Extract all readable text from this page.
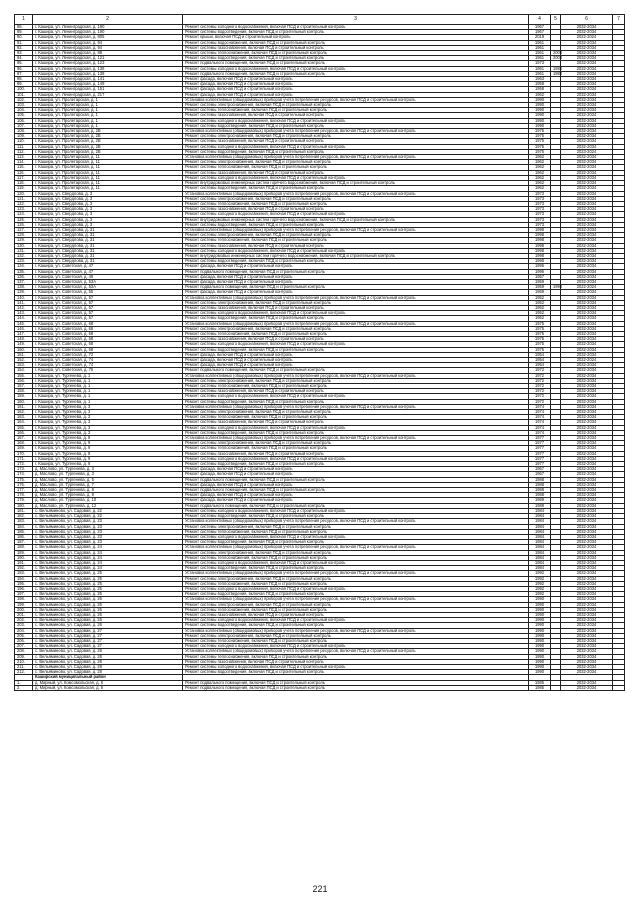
1	2	3	4	5	6	7
88.	г. Кашира, ул. Ленинградская, д. 190	Ремонт системы холодного водоснабжения, включая ПСД и строительный контроль	1967		2032-2034	
89.	г. Кашира, ул. Ленинградская, д. 190	Ремонт системы водоотведения, включая ПСД и строительный контроль	1967		2032-2034	
90.	г. Кашира, ул. Ленинградская, д. 805	Ремонт крыши, включая ПСД и строительный контроль	2019		2022-2024	
91.	г. Кашира, ул. Ленинградская, д. 94	Ремонт системы водоснабжения, включая ПСД и строительный контроль	1961		2032-2034	
92.	г. Кашира, ул. Ленинградская, д. 94	Ремонт системы газоснабжения, включая ПСД и строительный контроль	1961		2032-2034	
93.	г. Кашира, ул. Ленинградская, д. 98	Ремонт системы теплоснабжения, включая ПСД и строительный контроль	1961	2008	2032-2034	
94.	г. Кашира, ул. Ленинградская, д. 121	Ремонт системы водоотведения, включая ПСД и строительный контроль	1961	2008	2032-2034	
95.	г. Кашира, ул. Ленинградская, д. 123	Ремонт подвального помещения, включая ПСД и строительный контроль	1973		2032-2034	
96.	г. Кашира, ул. Ленинградская, д. 138	Ремонт системы холодного водоснабжения, включая ПСД и строительный контроль	1961	1980	2032-2034	
97.	г. Кашира, ул. Ленинградская, д. 138	Ремонт подвального помещения, включая ПСД и строительный контроль	1961	1980	2032-2034	
98.	г. Кашира, ул. Ленинградская, д. 141	Ремонт фасада, включая ПСД и строительный контроль	1963		2032-2034	
99.	г. Кашира, ул. Ленинградская, д. 149	Ремонт фасада, включая ПСД и строительный контроль	1958		2032-2034	
100.	г. Кашира, ул. Ленинградская, д. 151	Ремонт фасада, включая ПСД и строительный контроль	1958		2032-2034	
101.	г. Кашира, ул. Ленинградская, д. 217	Ремонт фасада, включая ПСД и строительный контроль	1962		2032-2034	
102.	г. Кашира, ул. Пролетарская, д. 1	Установка коллективных (общедомовых) приборов учета потребления ресурсов, включая ПСД и строительный контроль	1990		2032-2034	
103.	г. Кашира, ул. Пролетарская, д. 1	Ремонт системы электроснабжения, включая ПСД и строительный контроль	1990		2032-2034	
104.	г. Кашира, ул. Пролетарская, д. 1	Ремонт системы теплоснабжения, включая ПСД и строительный контроль	1990		2032-2034	
105.	г. Кашира, ул. Пролетарская, д. 1	Ремонт системы газоснабжения, включая ПСД и строительный контроль	1990		2032-2034	
106.	г. Кашира, ул. Пролетарская, д. 1	Ремонт системы холодного водоснабжения, включая ПСД и строительный контроль	1990		2032-2034	
107.	г. Кашира, ул. Пролетарская, д. 1	Ремонт системы водоотведения, включая ПСД и строительный контроль	1990		2032-2034	
108.	г. Кашира, ул. Пролетарская, д. 2В	Установка коллективных (общедомовых) приборов учета потребления ресурсов, включая ПСД и строительный контроль	1975		2032-2034	
109.	г. Кашира, ул. Пролетарская, д. 2В	Ремонт системы электроснабжения, включая ПСД и строительный контроль	1975		2032-2034	
110.	г. Кашира, ул. Пролетарская, д. 2В	Ремонт системы газоснабжения, включая ПСД и строительный контроль	1975		2032-2034	
111.	г. Кашира, ул. Пролетарская, д. 2В	Ремонт системы холодного водоснабжения, включая ПСД и строительный контроль	1975		2032-2034	
112.	г. Кашира, ул. Пролетарская, д. 2В	Ремонт системы водоотведения, включая ПСД и строительный контроль	1975		2023-2024	
113.	г. Кашира, ул. Пролетарская, д. 11	Установка коллективных (общедомовых) приборов учета потребления ресурсов, включая ПСД и строительный контроль	1962		2032-2034	
114.	г. Кашира, ул. Пролетарская, д. 11	Ремонт системы электроснабжения, включая ПСД и строительный контроль	1962		2032-2034	
115.	г. Кашира, ул. Пролетарская, д. 11	Ремонт системы теплоснабжения, включая ПСД и строительный контроль	1962		2032-2034	
116.	г. Кашира, ул. Пролетарская, д. 11	Ремонт системы газоснабжения, включая ПСД и строительный контроль	1962		2032-2034	
117.	г. Кашира, ул. Пролетарская, д. 11	Ремонт системы холодного водоснабжения, включая ПСД и строительный контроль	1962		2032-2034	
118.	г. Кашира, ул. Пролетарская, д. 11	Ремонт внутридомовых инженерных систем горячего водоснабжения, включая ПСД и строительный контроль	1962		2032-2034	
119.	г. Кашира, ул. Пролетарская, д. 11	Ремонт системы водоотведения, включая ПСД и строительный контроль	1962		2032-2034	
120.	г. Кашира, ул. Свердлова, д. 3	Установка коллективных (общедомовых) приборов учета потребления ресурсов, включая ПСД и строительный контроль	1973		2032-2034	
121.	г. Кашира, ул. Свердлова, д. 3	Ремонт системы электроснабжения, включая ПСД и строительный контроль	1973		2032-2034	
122.	г. Кашира, ул. Свердлова, д. 3	Ремонт системы теплоснабжения, включая ПСД и строительный контроль	1973		2032-2034	
123.	г. Кашира, ул. Свердлова, д. 3	Ремонт системы газоснабжения, включая ПСД и строительный контроль	1973		2032-2034	
124.	г. Кашира, ул. Свердлова, д. 3	Ремонт системы холодного водоснабжения, включая ПСД и строительный контроль	1973		2032-2034	
125.	г. Кашира, ул. Свердлова, д. 3	Ремонт внутридомовых инженерных систем горячего водоснабжения, включая ПСД и строительный контроль	1973		2032-2034	
126.	г. Кашира, ул. Свердлова, д. 3	Ремонт системы водоотведения, включая ПСД и строительный контроль	1973		2032-2034	
127.	г. Кашира, ул. Свердлова, д. 31	Установка коллективных (общедомовых) приборов учета потребления ресурсов, включая ПСД и строительный контроль	1998		2032-2034	
128.	г. Кашира, ул. Свердлова, д. 31	Ремонт системы электроснабжения, включая ПСД и строительный контроль	1998		2032-2034	
129.	г. Кашира, ул. Свердлова, д. 31	Ремонт системы теплоснабжения, включая ПСД и строительный контроль	1998		2032-2034	
130.	г. Кашира, ул. Свердлова, д. 31	Ремонт системы газоснабжения, включая ПСД и строительный контроль	1998		2032-2034	
131.	г. Кашира, ул. Свердлова, д. 31	Ремонт системы холодного водоснабжения, включая ПСД и строительный контроль	1998		2032-2034	
132.	г. Кашира, ул. Свердлова, д. 31	Ремонт внутридомовых инженерных систем горячего водоснабжения, включая ПСД и строительный контроль	1998		2032-2034	
133.	г. Кашира, ул. Свердлова, д. 31	Ремонт системы водоотведения, включая ПСД и строительный контроль	1998		2032-2034	
134.	г. Кашира, ул. Советская, д. 47	Ремонт фасада, включая ПСД и строительный контроль	1996		2032-2034	
135.	г. Кашира, ул. Советская, д. 47	Ремонт подвального помещения, включая ПСД и строительный контроль	1996		2032-2034	
136.	г. Кашира, ул. Советская, д. 49	Ремонт фасада, включая ПСД и строительный контроль	1957		2032-2034	
137.	г. Кашира, ул. Советская, д. 53А	Ремонт фасада, включая ПСД и строительный контроль	1959		2032-2034	
138.	г. Кашира, ул. Советская, д. 53А	Ремонт подвального помещения, включая ПСД и строительный контроль	1959	1990	2022-2024	
139.	г. Кашира, ул. Советская, д. 55	Ремонт фасада, включая ПСД и строительный контроль	1969		2032-2034	
140.	г. Кашира, ул. Советская, д. 57	Установка коллективных (общедомовых) приборов учета потребления ресурсов, включая ПСД и строительный контроль	1952		2032-2034	
141.	г. Кашира, ул. Советская, д. 57	Ремонт системы электроснабжения, включая ПСД и строительный контроль	1952		2032-2034	
142.	г. Кашира, ул. Советская, д. 57	Ремонт системы газоснабжения, включая ПСД и строительный контроль	1952		2032-2034	
143.	г. Кашира, ул. Советская, д. 57	Ремонт системы холодного водоснабжения, включая ПСД и строительный контроль	1952		2032-2034	
144.	г. Кашира, ул. Советская, д. 57	Ремонт системы водоотведения, включая ПСД и строительный контроль	1952		2032-2034	
145.	г. Кашира, ул. Советская, д. 68	Установка коллективных (общедомовых) приборов учета потребления ресурсов, включая ПСД и строительный контроль	1975		2032-2034	
146.	г. Кашира, ул. Советская, д. 68	Ремонт системы электроснабжения, включая ПСД и строительный контроль	1975		2032-2034	
147.	г. Кашира, ул. Советская, д. 68	Ремонт системы теплоснабжения, включая ПСД и строительный контроль	1975		2032-2034	
148.	г. Кашира, ул. Советская, д. 68	Ремонт системы газоснабжения, включая ПСД и строительный контроль	1975		2032-2034	
149.	г. Кашира, ул. Советская, д. 68	Ремонт системы холодного водоснабжения, включая ПСД и строительный контроль	1975		2032-2034	
150.	г. Кашира, ул. Советская, д. 68	Ремонт системы водоотведения, включая ПСД и строительный контроль	1975		2032-2034	
151.	г. Кашира, ул. Советская, д. 72	Ремонт фасада, включая ПСД и строительный контроль	1954		2032-2034	
152.	г. Кашира, ул. Советская, д. 74	Ремонт фасада, включая ПСД и строительный контроль	1954		2022-2024	
153.	г. Кашира, ул. Советская, д. 74	Ремонт фасада, включая ПСД и строительный контроль	1954		2032-2034	
154.	г. Кашира, ул. Советская, д. 76	Ремонт подвального помещения, включая ПСД и строительный контроль	1972		2032-2034	
155.	г. Кашира, ул. Тургенева, д. 1	Установка коллективных (общедомовых) приборов учета потребления ресурсов, включая ПСД и строительный контроль	1972		2032-2034	
156.	г. Кашира, ул. Тургенева, д. 1	Ремонт системы электроснабжения, включая ПСД и строительный контроль	1972		2032-2034	
157.	г. Кашира, ул. Тургенева, д. 1	Ремонт системы теплоснабжения, включая ПСД и строительный контроль	1972		2032-2034	
158.	г. Кашира, ул. Тургенева, д. 1	Ремонт системы газоснабжения, включая ПСД и строительный контроль	1972		2032-2034	
159.	г. Кашира, ул. Тургенева, д. 1	Ремонт системы холодного водоснабжения, включая ПСД и строительный контроль	1972		2032-2034	
160.	г. Кашира, ул. Тургенева, д. 1	Ремонт системы водоотведения, включая ПСД и строительный контроль	1972		2032-2034	
161.	г. Кашира, ул. Тургенева, д. 3	Установка коллективных (общедомовых) приборов учета потребления ресурсов, включая ПСД и строительный контроль	1974		2032-2034	
162.	г. Кашира, ул. Тургенева, д. 3	Ремонт системы электроснабжения, включая ПСД и строительный контроль	1974		2032-2034	
163.	г. Кашира, ул. Тургенева, д. 3	Ремонт системы теплоснабжения, включая ПСД и строительный контроль	1974		2032-2034	
164.	г. Кашира, ул. Тургенева, д. 3	Ремонт системы газоснабжения, включая ПСД и строительный контроль	1974		2032-2034	
165.	г. Кашира, ул. Тургенева, д. 3	Ремонт системы холодного водоснабжения, включая ПСД и строительный контроль	1974		2032-2034	
166.	г. Кашира, ул. Тургенева, д. 3	Ремонт системы водоотведения, включая ПСД и строительный контроль	1974		2032-2034	
167.	г. Кашира, ул. Тургенева, д. 9	Установка коллективных (общедомовых) приборов учета потребления ресурсов, включая ПСД и строительный контроль	1977		2032-2034	
168.	г. Кашира, ул. Тургенева, д. 9	Ремонт системы электроснабжения, включая ПСД и строительный контроль	1977		2032-2034	
169.	г. Кашира, ул. Тургенева, д. 9	Ремонт системы теплоснабжения, включая ПСД и строительный контроль	1977		2032-2034	
170.	г. Кашира, ул. Тургенева, д. 9	Ремонт системы газоснабжения, включая ПСД и строительный контроль	1977		2032-2034	
171.	г. Кашира, ул. Тургенева, д. 9	Ремонт системы холодного водоснабжения, включая ПСД и строительный контроль	1977		2032-2034	
172.	г. Кашира, ул. Тургенева, д. 9	Ремонт системы водоотведения, включая ПСД и строительный контроль	1977		2032-2034	
173.	д. Маслово, ул. Тургенева, д. 3	Ремонт фасада, включая ПСД и строительный контроль	1967		2032-2034	
174.	д. Маслово, ул. Тургенева, д. 3	Ремонт фасада, включая ПСД и строительный контроль	1967		2032-2034	
175.	д. Маслово, ул. Тургенева, д. 5	Ремонт подвального помещения, включая ПСД и строительный контроль	1988		2032-2034	
176.	д. Маслово, ул. Тургенева, д. 7	Ремонт фасада, включая ПСД и строительный контроль	1988		2032-2034	
177.	д. Маслово, ул. Тургенева, д. 8	Ремонт подвального помещения, включая ПСД и строительный контроль	1988		2032-2034	
178.	д. Маслово, ул. Тургенева, д. 9	Ремонт фасада, включая ПСД и строительный контроль	1988		2032-2034	
179.	д. Маслово, ул. Тургенева, д. 10	Ремонт фасада, включая ПСД и строительный контроль	1989		2032-2034	
180.	д. Маслово, ул. Тургенева, д. 12	Ремонт подвального помещения, включая ПСД и строительный контроль	1989		2032-2034	
181.	с. Вельяминово, ул. Садовая, д. 22	Ремонт системы холодного водоснабжения, включая ПСД и строительный контроль	1984		2032-2034	
182.	с. Вельяминово, ул. Садовая, д. 22	Ремонт системы водоотведения, включая ПСД и строительный контроль	1984		2032-2034	
183.	с. Вельяминово, ул. Садовая, д. 23	Установка коллективных (общедомовых) приборов учета потребления ресурсов, включая ПСД и строительный контроль	1984		2032-2034	
184.	с. Вельяминово, ул. Садовая, д. 23	Ремонт системы электроснабжения, включая ПСД и строительный контроль	1984		2032-2034	
185.	с. Вельяминово, ул. Садовая, д. 23	Ремонт системы теплоснабжения, включая ПСД и строительный контроль	1984		2032-2034	
186.	с. Вельяминово, ул. Садовая, д. 23	Ремонт системы холодного водоснабжения, включая ПСД и строительный контроль	1984		2032-2034	
187.	с. Вельяминово, ул. Садовая, д. 23	Ремонт системы водоотведения, включая ПСД и строительный контроль	1984		2032-2034	
188.	с. Вельяминово, ул. Садовая, д. 24	Установка коллективных (общедомовых) приборов учета потребления ресурсов, включая ПСД и строительный контроль	1984		2032-2034	
189.	с. Вельяминово, ул. Садовая, д. 24	Ремонт системы электроснабжения, включая ПСД и строительный контроль	1984		2032-2034	
190.	с. Вельяминово, ул. Садовая, д. 24	Ремонт системы теплоснабжения, включая ПСД и строительный контроль	1984		2032-2034	
191.	с. Вельяминово, ул. Садовая, д. 24	Ремонт системы холодного водоснабжения, включая ПСД и строительный контроль	1984		2032-2034	
192.	с. Вельяминово, ул. Садовая, д. 24	Ремонт системы водоотведения, включая ПСД и строительный контроль	1984		2032-2034	
193.	с. Вельяминово, ул. Садовая, д. 25	Установка коллективных (общедомовых) приборов учета потребления ресурсов, включая ПСД и строительный контроль	1992		2032-2034	
194.	с. Вельяминово, ул. Садовая, д. 25	Ремонт системы электроснабжения, включая ПСД и строительный контроль	1992		2032-2034	
195.	с. Вельяминово, ул. Садовая, д. 25	Ремонт системы теплоснабжения, включая ПСД и строительный контроль	1992		2032-2034	
196.	с. Вельяминово, ул. Садовая, д. 25	Ремонт системы холодного водоснабжения, включая ПСД и строительный контроль	1992		2032-2034	
197.	с. Вельяминово, ул. Садовая, д. 25	Ремонт системы водоотведения, включая ПСД и строительный контроль	1992		2032-2034	
198.	с. Вельяминово, ул. Садовая, д. 26	Установка коллективных (общедомовых) приборов учета потребления ресурсов, включая ПСД и строительный контроль	1990		2032-2034	
199.	с. Вельяминово, ул. Садовая, д. 26	Ремонт системы электроснабжения, включая ПСД и строительный контроль	1990		2032-2034	
200.	с. Вельяминово, ул. Садовая, д. 26	Ремонт системы теплоснабжения, включая ПСД и строительный контроль	1990		2032-2034	
201.	с. Вельяминово, ул. Садовая, д. 26	Ремонт системы газоснабжения, включая ПСД и строительный контроль	1990		2032-2034	
202.	с. Вельяминово, ул. Садовая, д. 26	Ремонт системы холодного водоснабжения, включая ПСД и строительный контроль	1990		2032-2034	
203.	с. Вельяминово, ул. Садовая, д. 26	Ремонт системы водоотведения, включая ПСД и строительный контроль	1990		2032-2034	
204.	с. Вельяминово, ул. Садовая, д. 27	Установка коллективных (общедомовых) приборов учета потребления ресурсов, включая ПСД и строительный контроль	1990		2032-2034	
205.	с. Вельяминово, ул. Садовая, д. 27	Ремонт системы электроснабжения, включая ПСД и строительный контроль	1990		2032-2034	
206.	с. Вельяминово, ул. Садовая, д. 27	Ремонт системы теплоснабжения, включая ПСД и строительный контроль	1990		2032-2034	
207.	с. Вельяминово, ул. Садовая, д. 27	Ремонт системы холодного водоснабжения, включая ПСД и строительный контроль	1990		2032-2034	
208.	с. Вельяминово, ул. Садовая, д. 28	Установка коллективных (общедомовых) приборов учета потребления ресурсов, включая ПСД и строительный контроль	1990		2032-2034	
209.	с. Вельяминово, ул. Садовая, д. 28	Ремонт системы теплоснабжения, включая ПСД и строительный контроль	1990		2032-2034	
210.	с. Вельяминово, ул. Садовая, д. 28	Ремонт системы газоснабжения, включая ПСД и строительный контроль	1990		2032-2034	
211.	с. Вельяминово, ул. Садовая, д. 28	Ремонт системы холодного водоснабжения, включая ПСД и строительный контроль	1990		2032-2034	
212.	с. Вельяминово, ул. Садовая, д. 28	Ремонт системы водоотведения, включая ПСД и строительный контроль	1990		2032-2034	
	Каширский муниципальный район					
1.	д. Мирный, ул. Комсомольская, д. 6	Ремонт подвального помещения, включая ПСД и строительный контроль	1985		2032-2034	
2.	д. Мирный, ул. Комсомольская, д. 6	Ремонт подвального помещения, включая ПСД и строительный контроль	1985		2032-2034	
221
